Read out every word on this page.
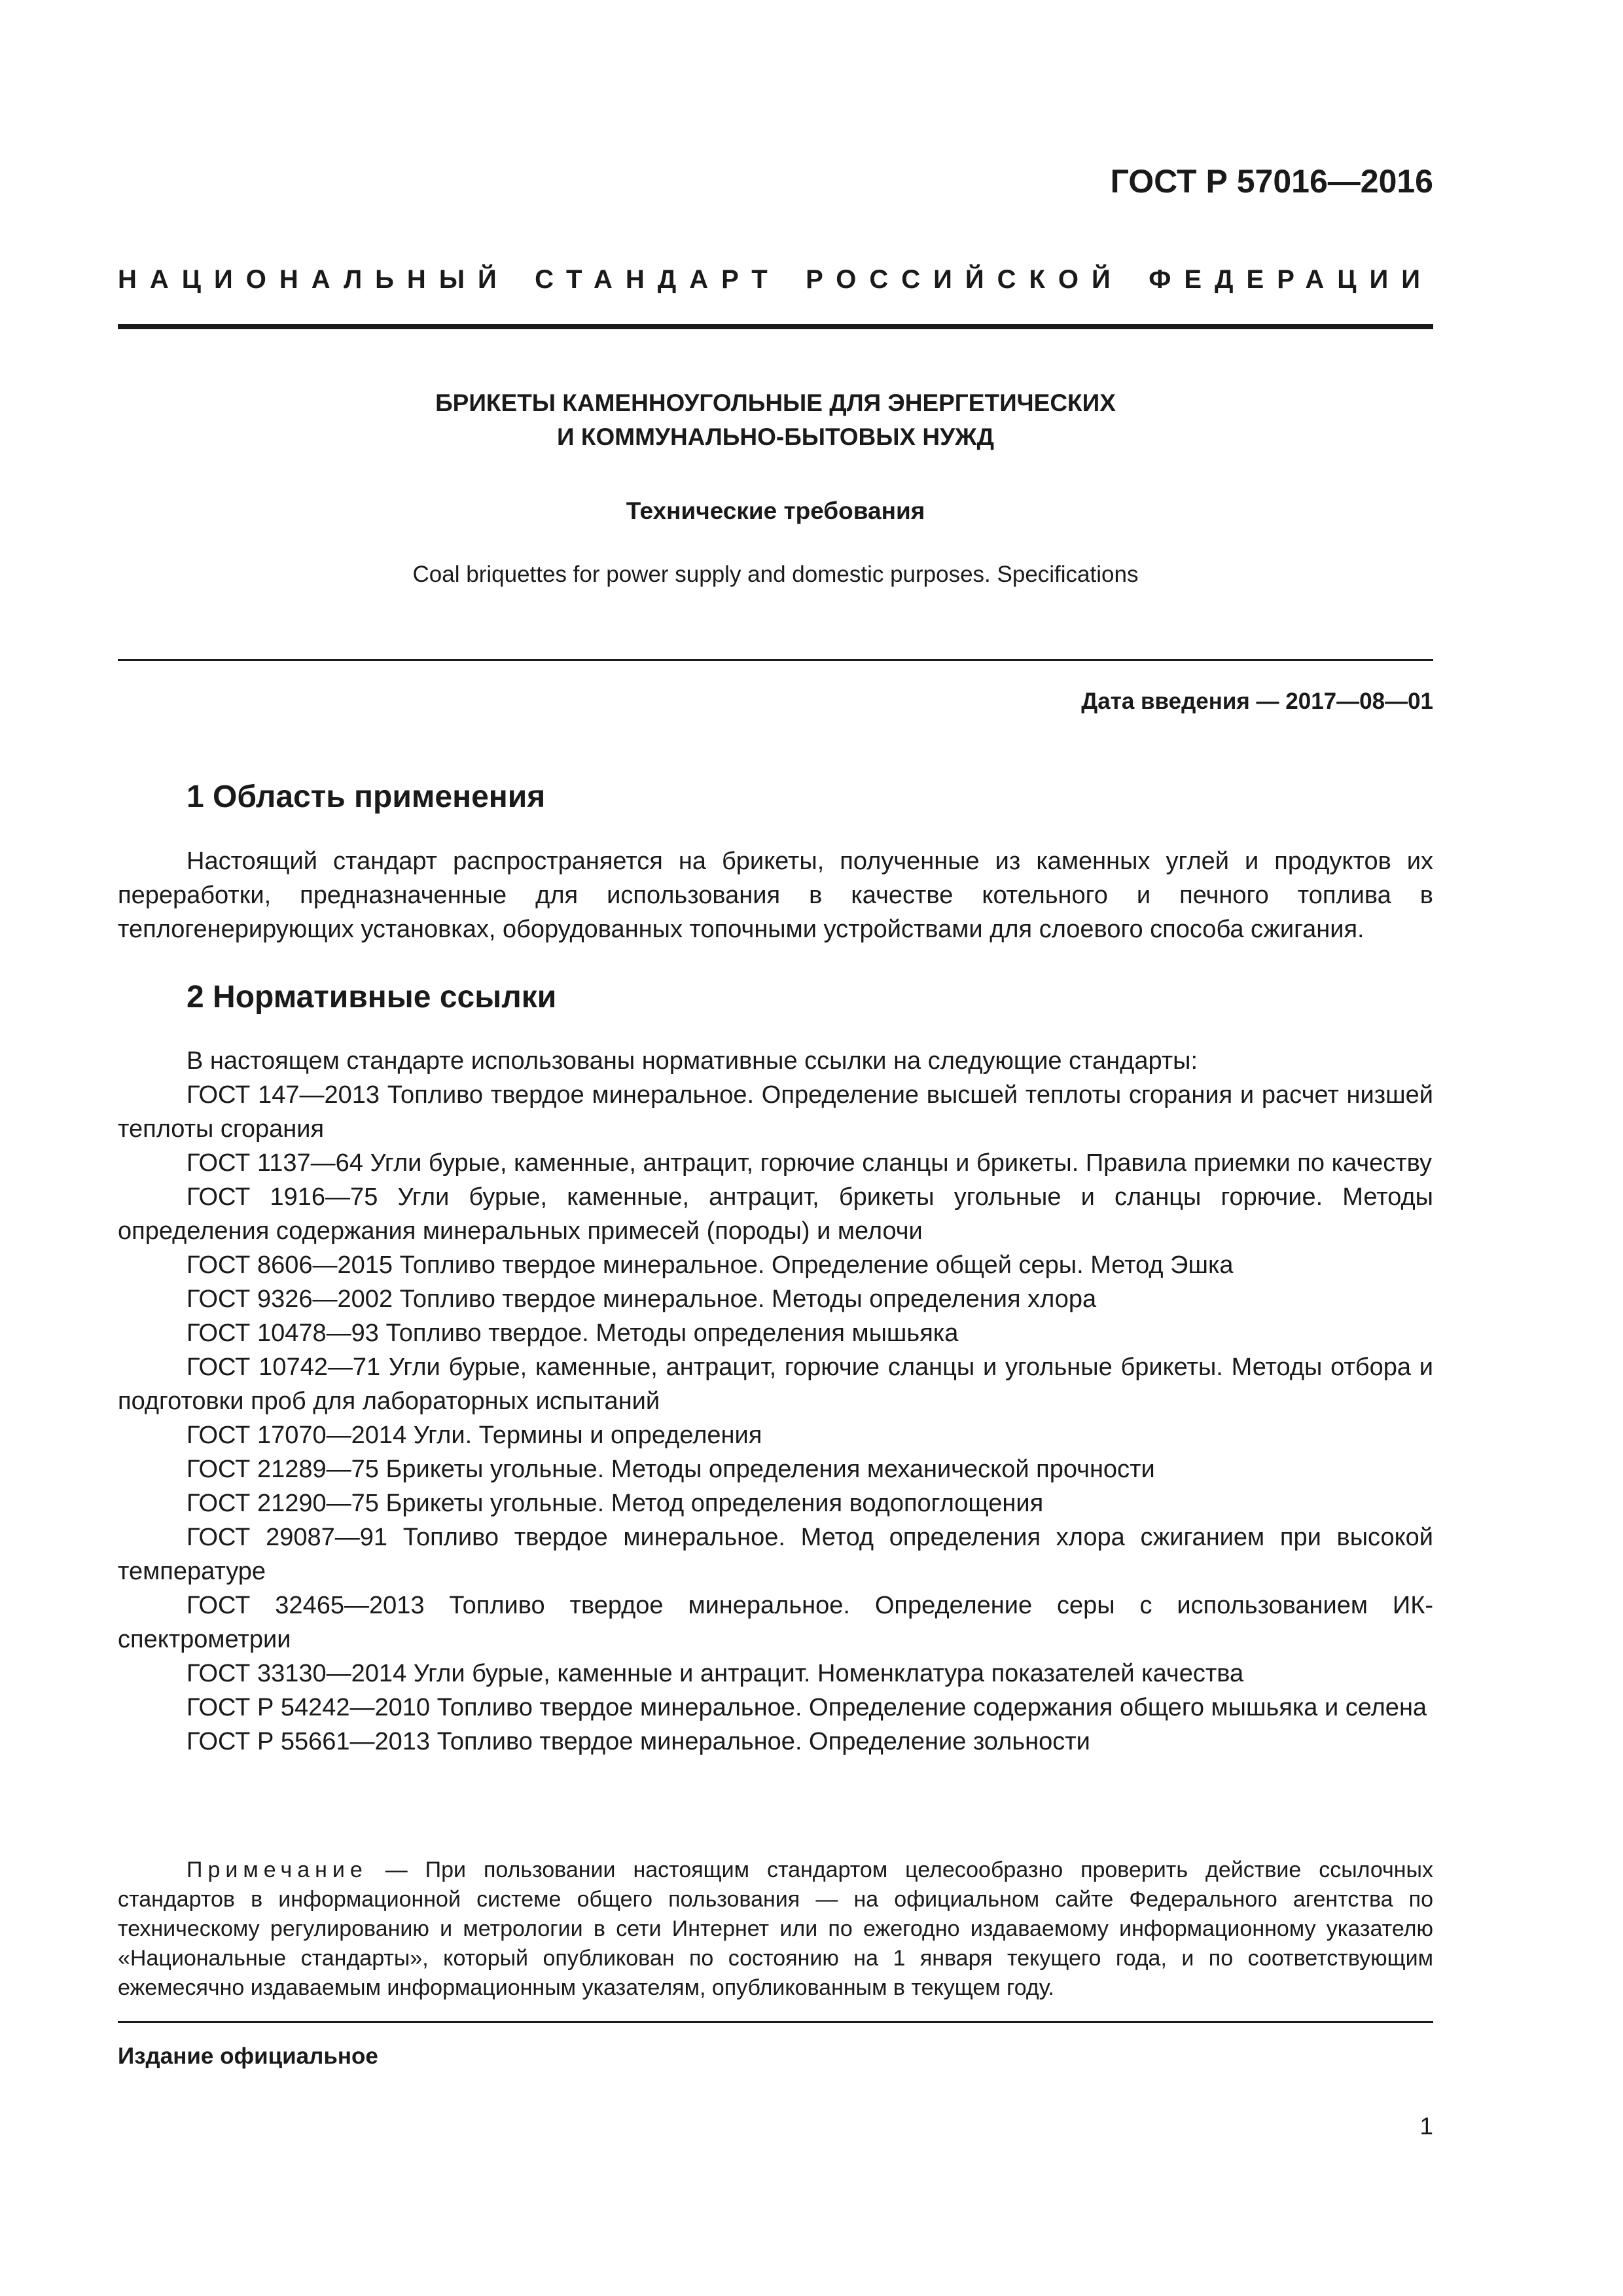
ГОСТ Р 57016—2016
НАЦИОНАЛЬНЫЙ СТАНДАРТ РОССИЙСКОЙ ФЕДЕРАЦИИ
БРИКЕТЫ КАМЕННОУГОЛЬНЫЕ ДЛЯ ЭНЕРГЕТИЧЕСКИХ
И КОММУНАЛЬНО-БЫТОВЫХ НУЖД
Технические требования
Coal briquettes for power supply and domestic purposes. Specifications
Дата введения — 2017—08—01
1 Область применения

Настоящий стандарт распространяется на брикеты, полученные из каменных углей и продуктов их переработки, предназначенные для использования в качестве котельного и печного топлива в теплогенерирующих установках, оборудованных топочными устройствами для слоевого способа сжигания.

2 Нормативные ссылки

В настоящем стандарте использованы нормативные ссылки на следующие стандарты:

ГОСТ 147—2013 Топливо твердое минеральное. Определение высшей теплоты сгорания и расчет низшей теплоты сгорания

ГОСТ 1137—64 Угли бурые, каменные, антрацит, горючие сланцы и брикеты. Правила приемки по качеству

ГОСТ 1916—75 Угли бурые, каменные, антрацит, брикеты угольные и сланцы горючие. Методы определения содержания минеральных примесей (породы) и мелочи

ГОСТ 8606—2015 Топливо твердое минеральное. Определение общей серы. Метод Эшка

ГОСТ 9326—2002 Топливо твердое минеральное. Методы определения хлора

ГОСТ 10478—93 Топливо твердое. Методы определения мышьяка

ГОСТ 10742—71 Угли бурые, каменные, антрацит, горючие сланцы и угольные брикеты. Методы отбора и подготовки проб для лабораторных испытаний

ГОСТ 17070—2014 Угли. Термины и определения

ГОСТ 21289—75 Брикеты угольные. Методы определения механической прочности

ГОСТ 21290—75 Брикеты угольные. Метод определения водопоглощения

ГОСТ 29087—91 Топливо твердое минеральное. Метод определения хлора сжиганием при высокой температуре

ГОСТ 32465—2013 Топливо твердое минеральное. Определение серы с использованием ИК-спектрометрии

ГОСТ 33130—2014 Угли бурые, каменные и антрацит. Номенклатура показателей качества

ГОСТ Р 54242—2010 Топливо твердое минеральное. Определение содержания общего мышьяка и селена

ГОСТ Р 55661—2013 Топливо твердое минеральное. Определение зольности

Примечание — При пользовании настоящим стандартом целесообразно проверить действие ссылочных стандартов в информационной системе общего пользования — на официальном сайте Федерального агентства по техническому регулированию и метрологии в сети Интернет или по ежегодно издаваемому информационному указателю «Национальные стандарты», который опубликован по состоянию на 1 января текущего года, и по соответствующим ежемесячно издаваемым информационным указателям, опубликованным в текущем году.
Издание официальное
1
